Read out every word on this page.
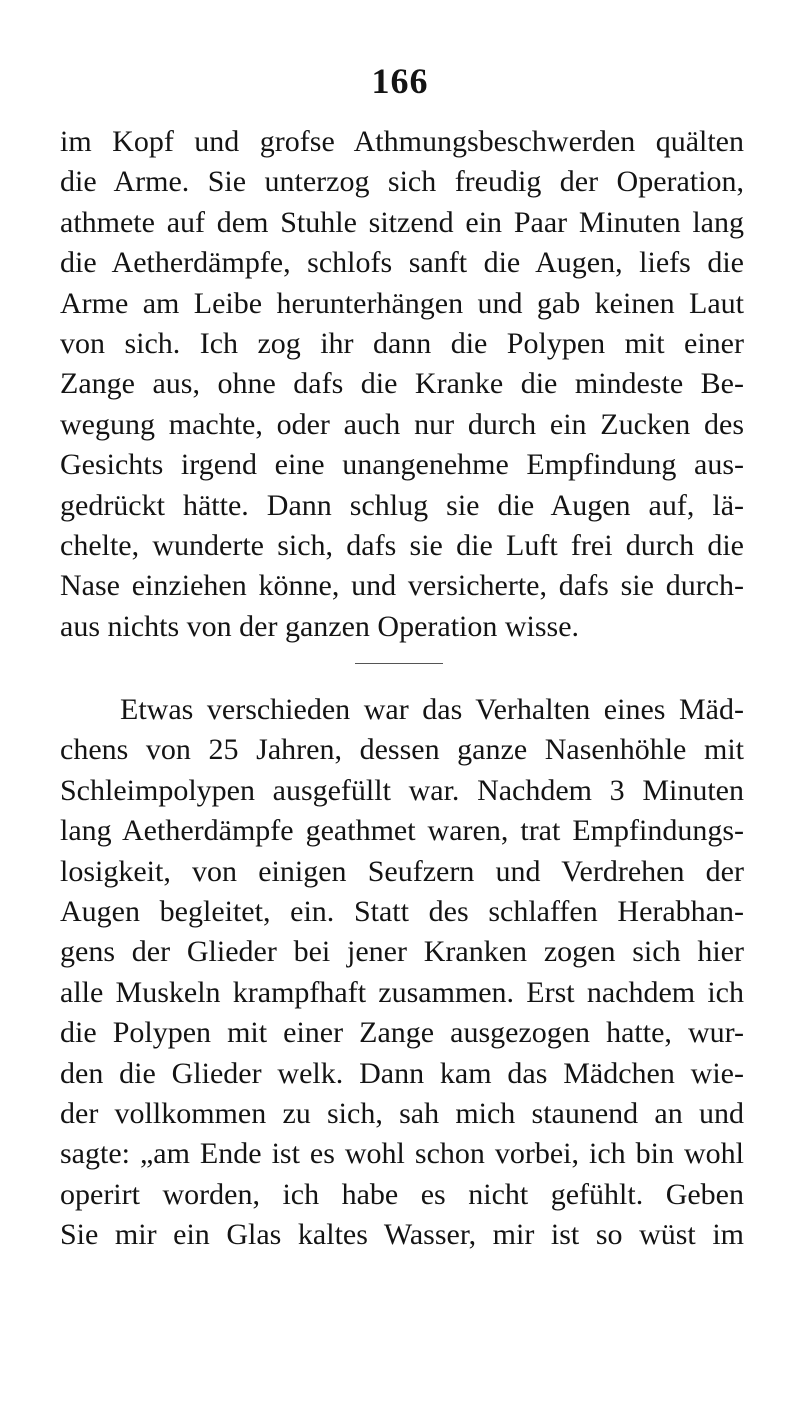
166
im Kopf und grofse Athmungsbeschwerden quälten
die Arme. Sie unterzog sich freudig der Operation,
athmete auf dem Stuhle sitzend ein Paar Minuten lang
die Aetherdämpfe, schlofs sanft die Augen, liefs die
Arme am Leibe herunterhängen und gab keinen Laut
von sich. Ich zog ihr dann die Polypen mit einer
Zange aus, ohne dafs die Kranke die mindeste Be-
wegung machte, oder auch nur durch ein Zucken des
Gesichts irgend eine unangenehme Empfindung aus-
gedrückt hätte. Dann schlug sie die Augen auf, lä-
chelte, wunderte sich, dafs sie die Luft frei durch die
Nase einziehen könne, und versicherte, dafs sie durch-
aus nichts von der ganzen Operation wisse.
Etwas verschieden war das Verhalten eines Mäd-
chens von 25 Jahren, dessen ganze Nasenhöhle mit
Schleimpolypen ausgefüllt war. Nachdem 3 Minuten
lang Aetherdämpfe geathmet waren, trat Empfindungs-
losigkeit, von einigen Seufzern und Verdrehen der
Augen begleitet, ein. Statt des schlaffen Herabhan-
gens der Glieder bei jener Kranken zogen sich hier
alle Muskeln krampfhaft zusammen. Erst nachdem ich
die Polypen mit einer Zange ausgezogen hatte, wur-
den die Glieder welk. Dann kam das Mädchen wie-
der vollkommen zu sich, sah mich staunend an und
sagte: „am Ende ist es wohl schon vorbei, ich bin wohl
operirt worden, ich habe es nicht gefühlt. Geben
Sie mir ein Glas kaltes Wasser, mir ist so wüst im
